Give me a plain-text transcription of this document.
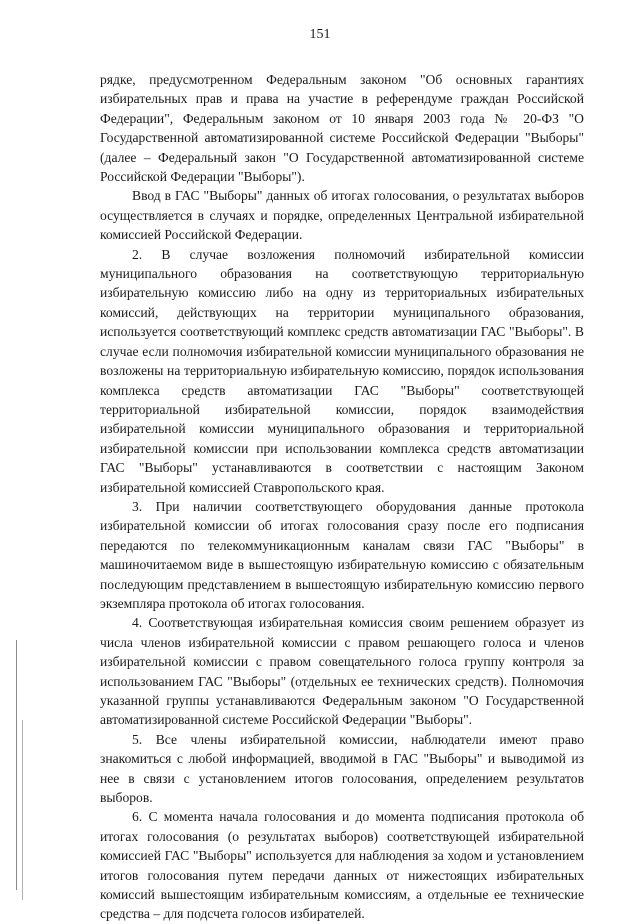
151

рядке, предусмотренном Федеральным законом "Об основных гарантиях избирательных прав и права на участие в референдуме граждан Российской Федерации", Федеральным законом от 10 января 2003 года № 20-ФЗ "О Государственной автоматизированной системе Российской Федерации "Выборы" (далее – Федеральный закон "О Государственной автоматизированной системе Российской Федерации "Выборы").

Ввод в ГАС "Выборы" данных об итогах голосования, о результатах выборов осуществляется в случаях и порядке, определенных Центральной избирательной комиссией Российской Федерации.

2. В случае возложения полномочий избирательной комиссии муниципального образования на соответствующую территориальную избирательную комиссию либо на одну из территориальных избирательных комиссий, действующих на территории муниципального образования, используется соответствующий комплекс средств автоматизации ГАС "Выборы". В случае если полномочия избирательной комиссии муниципального образования не возложены на территориальную избирательную комиссию, порядок использования комплекса средств автоматизации ГАС "Выборы" соответствующей территориальной избирательной комиссии, порядок взаимодействия избирательной комиссии муниципального образования и территориальной избирательной комиссии при использовании комплекса средств автоматизации ГАС "Выборы" устанавливаются в соответствии с настоящим Законом избирательной комиссией Ставропольского края.

3. При наличии соответствующего оборудования данные протокола избирательной комиссии об итогах голосования сразу после его подписания передаются по телекоммуникационным каналам связи ГАС "Выборы" в машиночитаемом виде в вышестоящую избирательную комиссию с обязательным последующим представлением в вышестоящую избирательную комиссию первого экземпляра протокола об итогах голосования.

4. Соответствующая избирательная комиссия своим решением образует из числа членов избирательной комиссии с правом решающего голоса и членов избирательной комиссии с правом совещательного голоса группу контроля за использованием ГАС "Выборы" (отдельных ее технических средств). Полномочия указанной группы устанавливаются Федеральным законом "О Государственной автоматизированной системе Российской Федерации "Выборы".

5. Все члены избирательной комиссии, наблюдатели имеют право знакомиться с любой информацией, вводимой в ГАС "Выборы" и выводимой из нее в связи с установлением итогов голосования, определением результатов выборов.

6. С момента начала голосования и до момента подписания протокола об итогах голосования (о результатах выборов) соответствующей избирательной комиссией ГАС "Выборы" используется для наблюдения за ходом и установлением итогов голосования путем передачи данных от нижестоящих избирательных комиссий вышестоящим избирательным комиссиям, а отдельные ее технические средства – для подсчета голосов избирателей.
